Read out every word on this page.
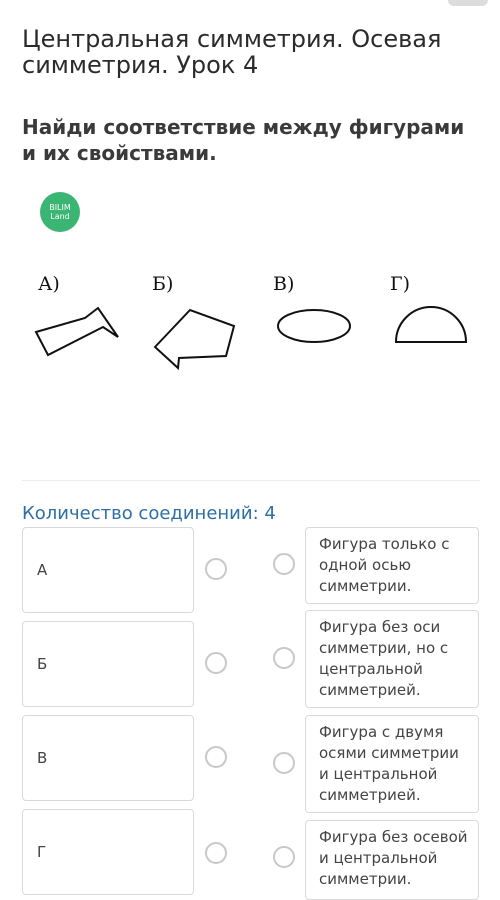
Центральная симметрия. Осевая симметрия. Урок 4
Найди соответствие между фигурами и их свойствами.
BILIM
Land
А)	Б)	В)	Г)
Количество соединений: 4
А
Б
В
Г
Фигура только с одной осью симметрии.
Фигура без оси симметрии, но с центральной симметрией.
Фигура с двумя осями симметрии и центральной симметрией.
Фигура без осевой и центральной симметрии.
